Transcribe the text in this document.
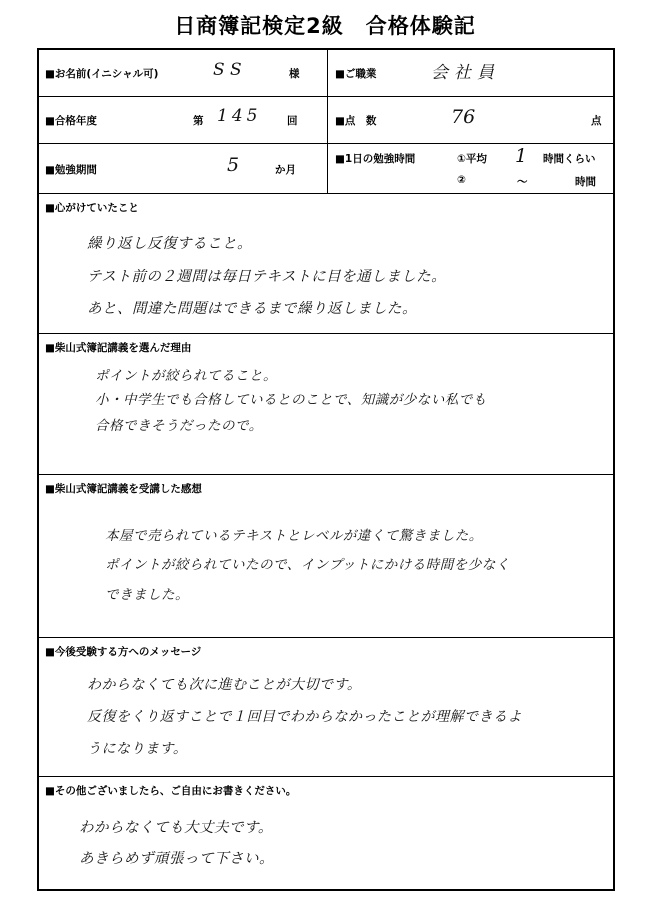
日商簿記検定2級　合格体験記
■お名前(イニシャル可)	S S	様	■ご職業	会社員
■合格年度	第 145 回	■点　数	76	点
■勉強期間	5	か月
■1日の勉強時間	①平均 1 時間くらい
②	～	時間
■心がけていたこと
繰り返し反復すること。
テスト前の２週間は毎日テキストに目を通しました。
あと、間違た問題はできるまで繰り返しました。
■柴山式簿記講義を選んだ理由
ポイントが絞られてること。
小・中学生でも合格しているとのことで、知識が少ない私でも
合格できそうだったので。
■柴山式簿記講義を受講した感想
本屋で売られているテキストとレベルが違くて驚きました。
ポイントが絞られていたので、インプットにかける時間を少なく
できました。
■今後受験する方へのメッセージ
わからなくても次に進むことが大切です。
反復をくり返すことで１回目でわからなかったことが理解できるよ
うになります。
■その他ございましたら、ご自由にお書きください。
わからなくても大丈夫です。
あきらめず頑張って下さい。
